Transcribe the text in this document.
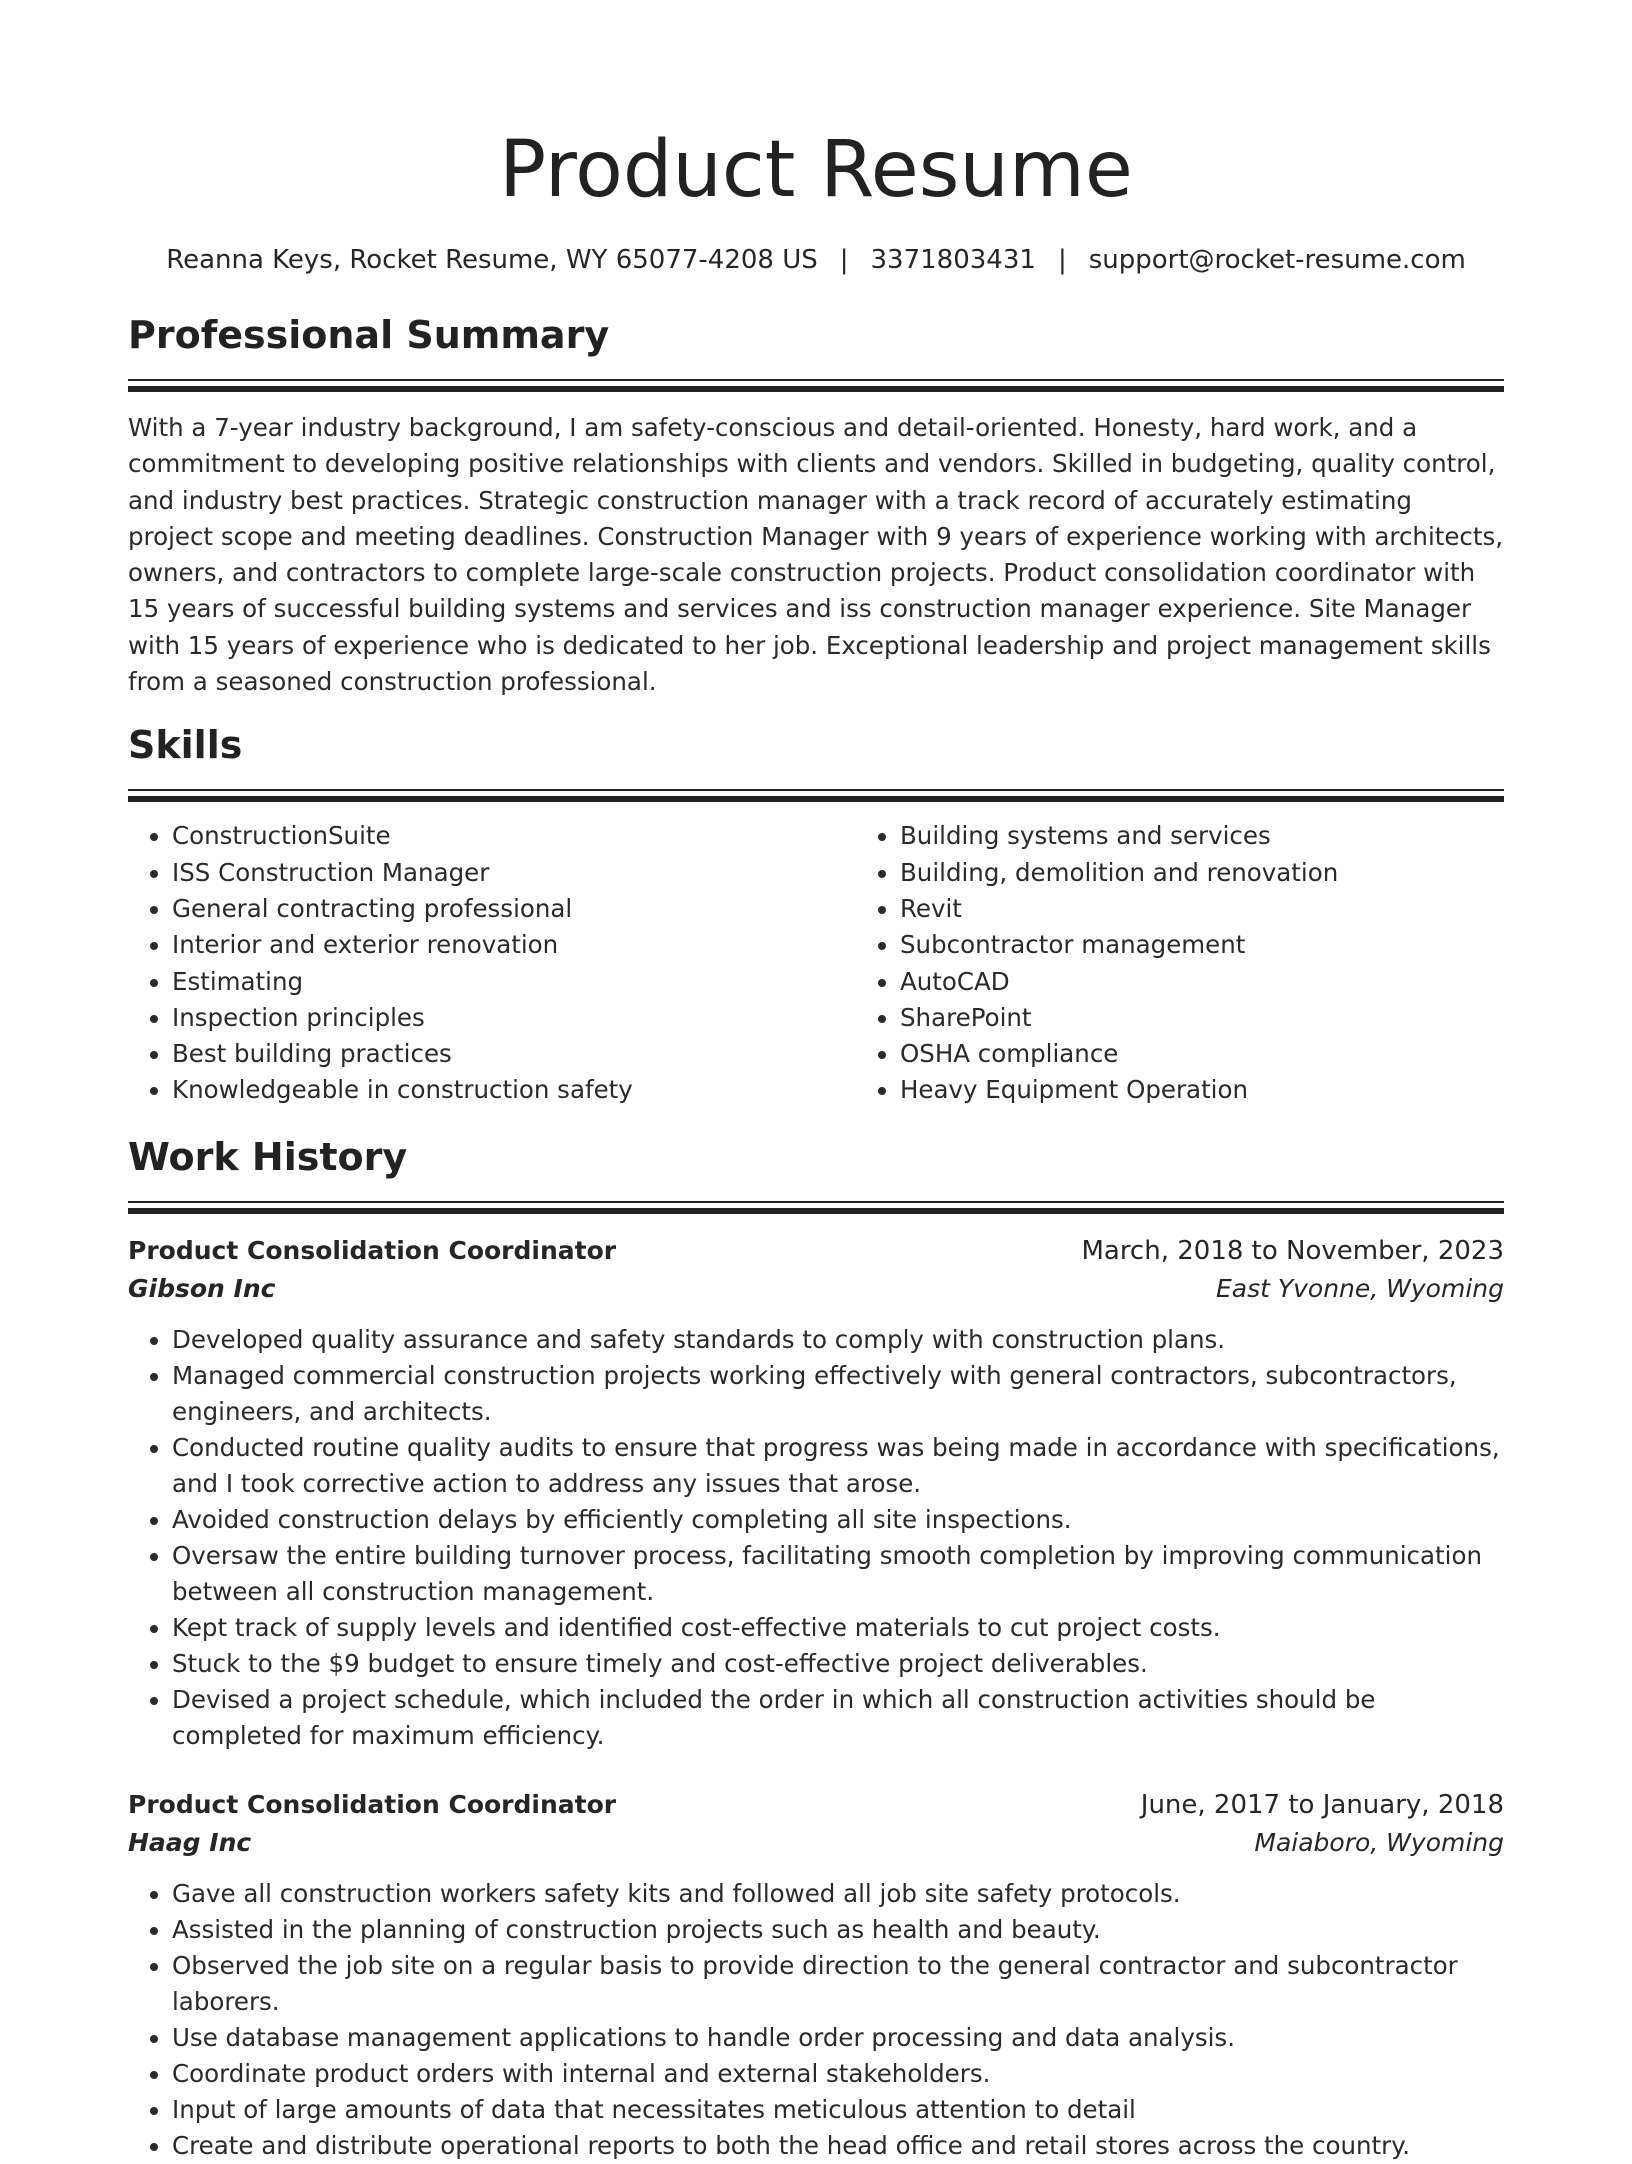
Product Resume
Reanna Keys, Rocket Resume, WY 65077-4208 US | 3371803431 | support@rocket-resume.com
Professional Summary
With a 7-year industry background, I am safety-conscious and detail-oriented. Honesty, hard work, and a commitment to developing positive relationships with clients and vendors. Skilled in budgeting, quality control, and industry best practices. Strategic construction manager with a track record of accurately estimating project scope and meeting deadlines. Construction Manager with 9 years of experience working with architects, owners, and contractors to complete large-scale construction projects. Product consolidation coordinator with 15 years of successful building systems and services and iss construction manager experience. Site Manager with 15 years of experience who is dedicated to her job. Exceptional leadership and project management skills from a seasoned construction professional.
Skills
• ConstructionSuite
• ISS Construction Manager
• General contracting professional
• Interior and exterior renovation
• Estimating
• Inspection principles
• Best building practices
• Knowledgeable in construction safety
• Building systems and services
• Building, demolition and renovation
• Revit
• Subcontractor management
• AutoCAD
• SharePoint
• OSHA compliance
• Heavy Equipment Operation
Work History
Product Consolidation Coordinator	March, 2018 to November, 2023
Gibson Inc	East Yvonne, Wyoming
• Developed quality assurance and safety standards to comply with construction plans.
• Managed commercial construction projects working effectively with general contractors, subcontractors, engineers, and architects.
• Conducted routine quality audits to ensure that progress was being made in accordance with specifications, and I took corrective action to address any issues that arose.
• Avoided construction delays by efficiently completing all site inspections.
• Oversaw the entire building turnover process, facilitating smooth completion by improving communication between all construction management.
• Kept track of supply levels and identified cost-effective materials to cut project costs.
• Stuck to the $9 budget to ensure timely and cost-effective project deliverables.
• Devised a project schedule, which included the order in which all construction activities should be completed for maximum efficiency.
Product Consolidation Coordinator	June, 2017 to January, 2018
Haag Inc	Maiaboro, Wyoming
• Gave all construction workers safety kits and followed all job site safety protocols.
• Assisted in the planning of construction projects such as health and beauty.
• Observed the job site on a regular basis to provide direction to the general contractor and subcontractor laborers.
• Use database management applications to handle order processing and data analysis.
• Coordinate product orders with internal and external stakeholders.
• Input of large amounts of data that necessitates meticulous attention to detail
• Create and distribute operational reports to both the head office and retail stores across the country.
